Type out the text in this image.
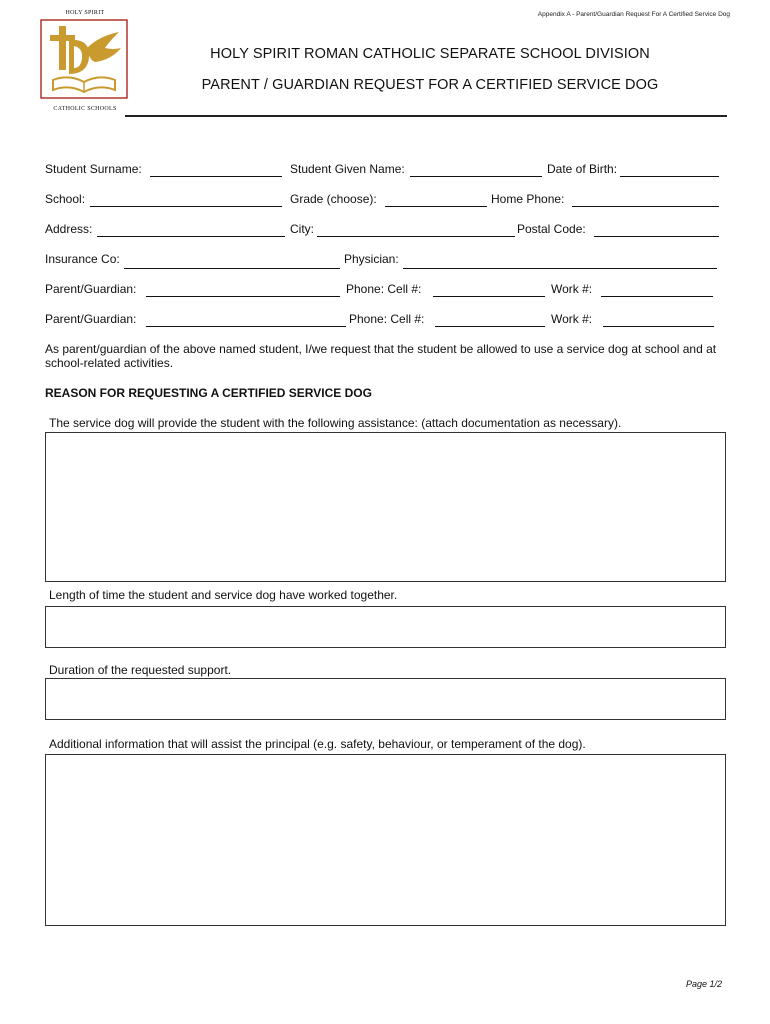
Appendix A - Parent/Guardian Request For A Certified Service Dog
HOLY SPIRIT
CATHOLIC SCHOOLS
HOLY SPIRIT ROMAN CATHOLIC SEPARATE SCHOOL DIVISION
PARENT / GUARDIAN REQUEST FOR A CERTIFIED SERVICE DOG
Student Surname:	Student Given Name:	Date of Birth:
School:	Grade (choose):	Home Phone:
Address:	City:	Postal Code:
Insurance Co:	Physician:
Parent/Guardian:	Phone: Cell #:	Work #:
Parent/Guardian:	Phone: Cell #:	Work #:
As parent/guardian of the above named student, I/we request that the student be allowed to use a service dog at school and at school-related activities.
REASON FOR REQUESTING A CERTIFIED SERVICE DOG
The service dog will provide the student with the following assistance: (attach documentation as necessary).
Length of time the student and service dog have worked together.
Duration of the requested support.
Additional information that will assist the principal (e.g. safety, behaviour, or temperament of the dog).
Page 1/2
